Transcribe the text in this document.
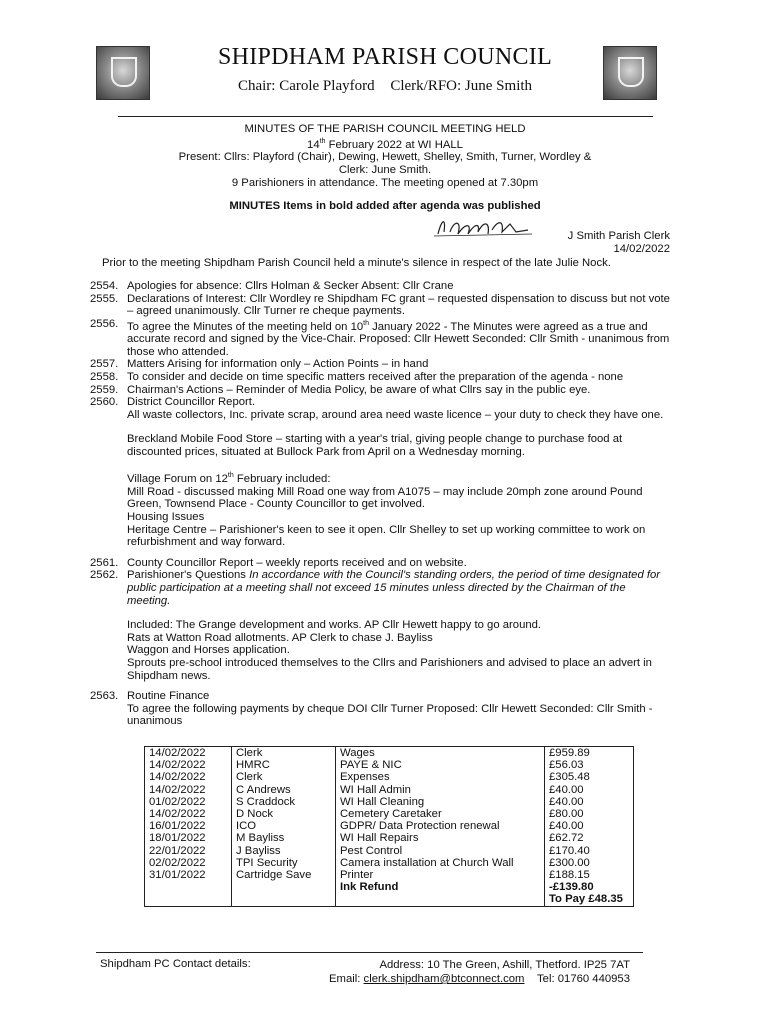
SHIPDHAM PARISH COUNCIL
Chair: Carole Playford Clerk/RFO: June Smith
MINUTES OF THE PARISH COUNCIL MEETING HELD
14th February 2022 at WI HALL
Present: Cllrs: Playford (Chair), Dewing, Hewett, Shelley, Smith, Turner, Wordley &
Clerk: June Smith.
9 Parishioners in attendance. The meeting opened at 7.30pm
MINUTES Items in bold added after agenda was published
J Smith Parish Clerk
14/02/2022
Prior to the meeting Shipdham Parish Council held a minute's silence in respect of the late Julie Nock.
2554. Apologies for absence: Cllrs Holman & Secker Absent: Cllr Crane
2555. Declarations of Interest: Cllr Wordley re Shipdham FC grant – requested dispensation to discuss but not vote – agreed unanimously. Cllr Turner re cheque payments.
2556. To agree the Minutes of the meeting held on 10th January 2022 - The Minutes were agreed as a true and accurate record and signed by the Vice-Chair. Proposed: Cllr Hewett Seconded: Cllr Smith - unanimous from those who attended.
2557. Matters Arising for information only – Action Points – in hand
2558. To consider and decide on time specific matters received after the preparation of the agenda - none
2559. Chairman's Actions – Reminder of Media Policy, be aware of what Cllrs say in the public eye.
2560. District Councillor Report.
All waste collectors, Inc. private scrap, around area need waste licence – your duty to check they have one.
Breckland Mobile Food Store – starting with a year's trial, giving people change to purchase food at discounted prices, situated at Bullock Park from April on a Wednesday morning.
Village Forum on 12th February included:
Mill Road - discussed making Mill Road one way from A1075 – may include 20mph zone around Pound Green, Townsend Place - County Councillor to get involved.
Housing Issues
Heritage Centre – Parishioner's keen to see it open. Cllr Shelley to set up working committee to work on refurbishment and way forward.
2561. County Councillor Report – weekly reports received and on website.
2562. Parishioner's Questions In accordance with the Council's standing orders, the period of time designated for public participation at a meeting shall not exceed 15 minutes unless directed by the Chairman of the meeting.
Included: The Grange development and works. AP Cllr Hewett happy to go around.
Rats at Watton Road allotments. AP Clerk to chase J. Bayliss
Waggon and Horses application.
Sprouts pre-school introduced themselves to the Cllrs and Parishioners and advised to place an advert in Shipdham news.
2563. Routine Finance
To agree the following payments by cheque DOI Cllr Turner Proposed: Cllr Hewett Seconded: Cllr Smith - unanimous
14/02/2022	Clerk	Wages	£959.89
14/02/2022	HMRC	PAYE & NIC	£56.03
14/02/2022	Clerk	Expenses	£305.48
14/02/2022	C Andrews	WI Hall Admin	£40.00
01/02/2022	S Craddock	WI Hall Cleaning	£40.00
14/02/2022	D Nock	Cemetery Caretaker	£80.00
16/01/2022	ICO	GDPR/ Data Protection renewal	£40.00
18/01/2022	M Bayliss	WI Hall Repairs	£62.72
22/01/2022	J Bayliss	Pest Control	£170.40
02/02/2022	TPI Security	Camera installation at Church Wall	£300.00
31/01/2022	Cartridge Save	Printer	£188.15
		Ink Refund	-£139.80
			To Pay £48.35
Shipdham PC Contact details:	Address: 10 The Green, Ashill, Thetford. IP25 7AT
Email: clerk.shipdham@btconnect.com Tel: 01760 440953
